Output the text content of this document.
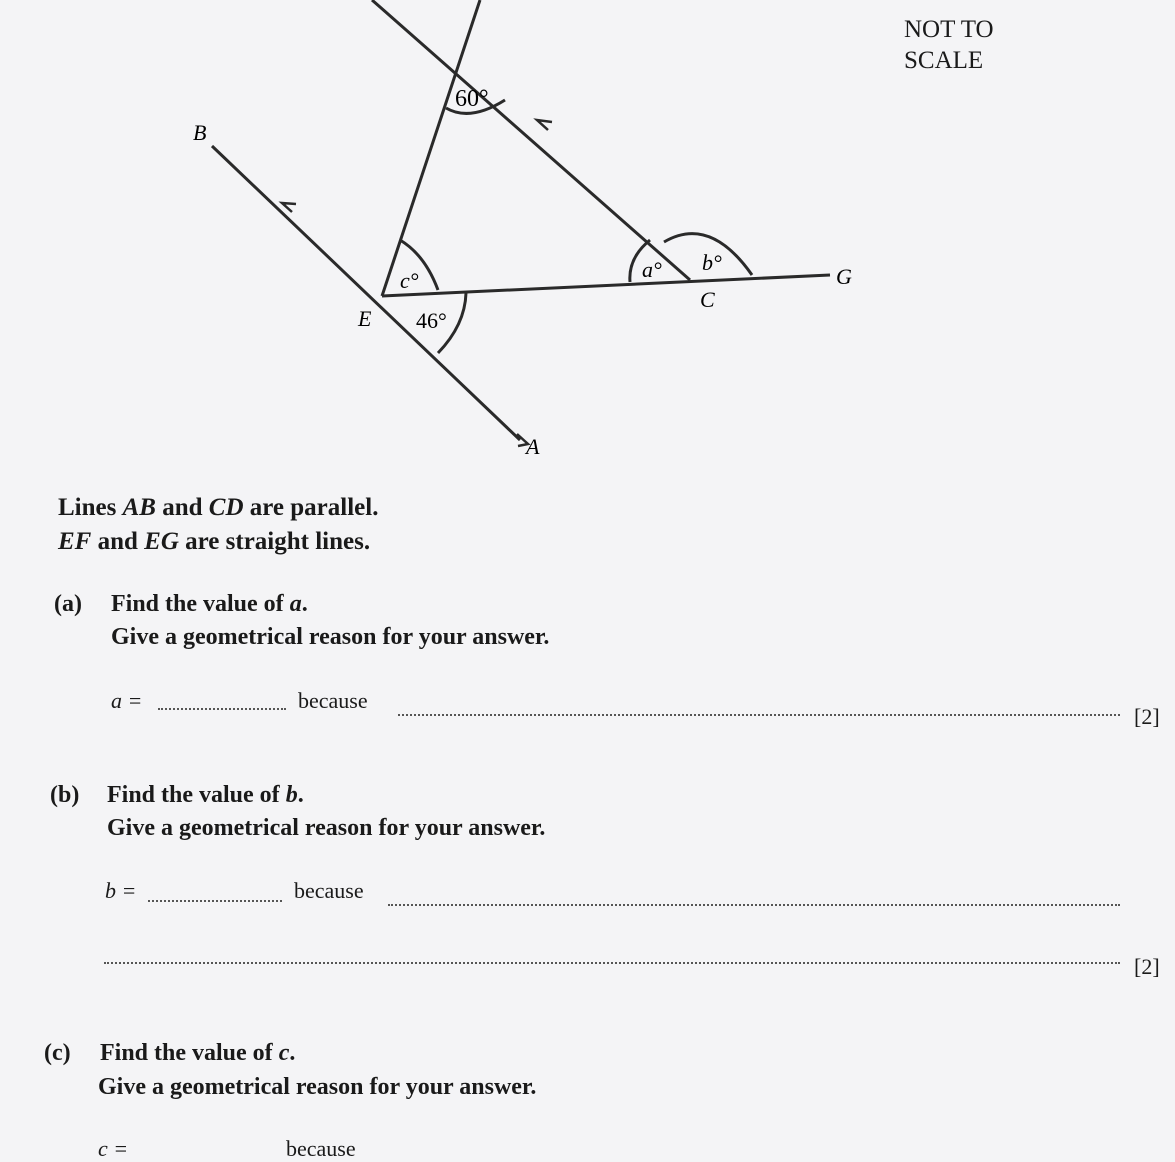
60°
c°
46°
a° b°
B
E
A
C
G
NOT TO
SCALE
Lines AB and CD are parallel.
EF and EG are straight lines.
(a) Find the value of a.
Give a geometrical reason for your answer.
a =	because
[2]
(b) Find the value of b.
Give a geometrical reason for your answer.
b =	because
[2]
(c) Find the value of c.
Give a geometrical reason for your answer.
c =	because
